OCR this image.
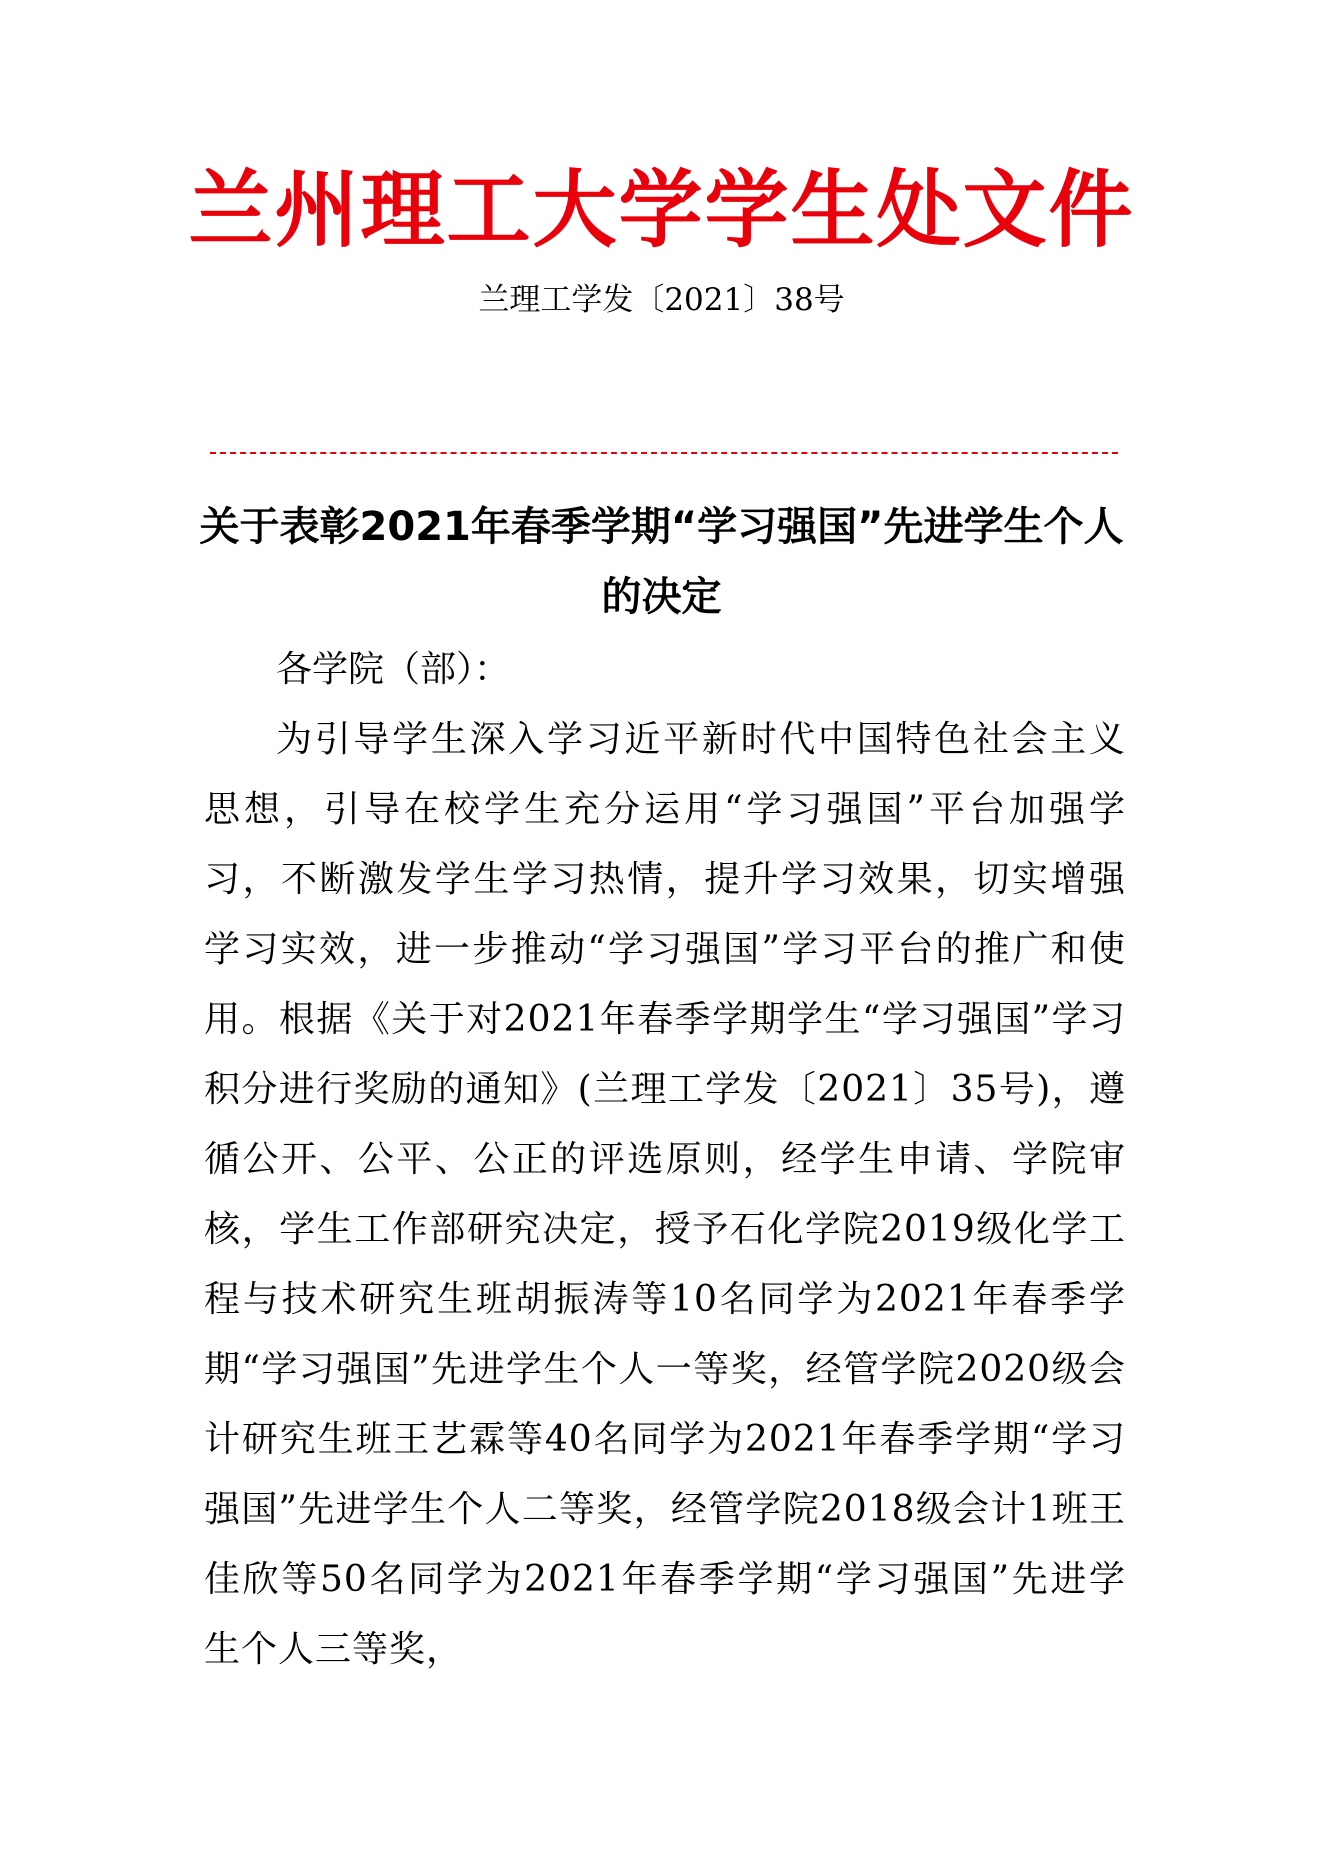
兰州理工大学学生处文件
兰理工学发〔2021〕38号
关于表彰2021年春季学期“学习强国”先进学生个人的决定

各学院（部）：

为引导学生深入学习近平新时代中国特色社会主义思想，引导在校学生充分运用“学习强国”平台加强学习，不断激发学生学习热情，提升学习效果，切实增强学习实效，进一步推动“学习强国”学习平台的推广和使用。根据《关于对2021年春季学期学生“学习强国”学习积分进行奖励的通知》(兰理工学发〔2021〕35号)，遵循公开、公平、公正的评选原则，经学生申请、学院审核，学生工作部研究决定，授予石化学院2019级化学工程与技术研究生班胡振涛等10名同学为2021年春季学期“学习强国”先进学生个人一等奖，经管学院2020级会计研究生班王艺霖等40名同学为2021年春季学期“学习强国”先进学生个人二等奖，经管学院2018级会计1班王佳欣等50名同学为2021年春季学期“学习强国”先进学生个人三等奖，
